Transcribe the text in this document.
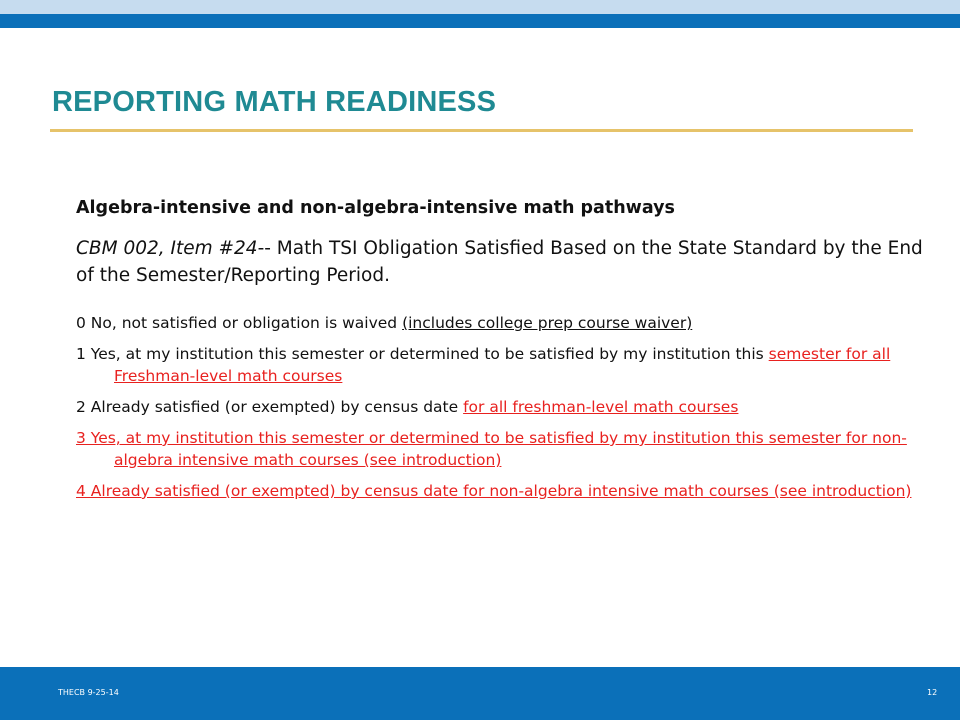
REPORTING MATH READINESS

Algebra-intensive and non-algebra-intensive math pathways

CBM 002, Item #24-- Math TSI Obligation Satisfied Based on the State Standard by the End of the Semester/Reporting Period.

0 No, not satisfied or obligation is waived (includes college prep course waiver)

1 Yes, at my institution this semester or determined to be satisfied by my institution this semester for all Freshman-level math courses

2 Already satisfied (or exempted) by census date for all freshman-level math courses

3 Yes, at my institution this semester or determined to be satisfied by my institution this semester for non-algebra intensive math courses (see introduction)

4 Already satisfied (or exempted) by census date for non-algebra intensive math courses (see introduction)

THECB 9-25-14	12
